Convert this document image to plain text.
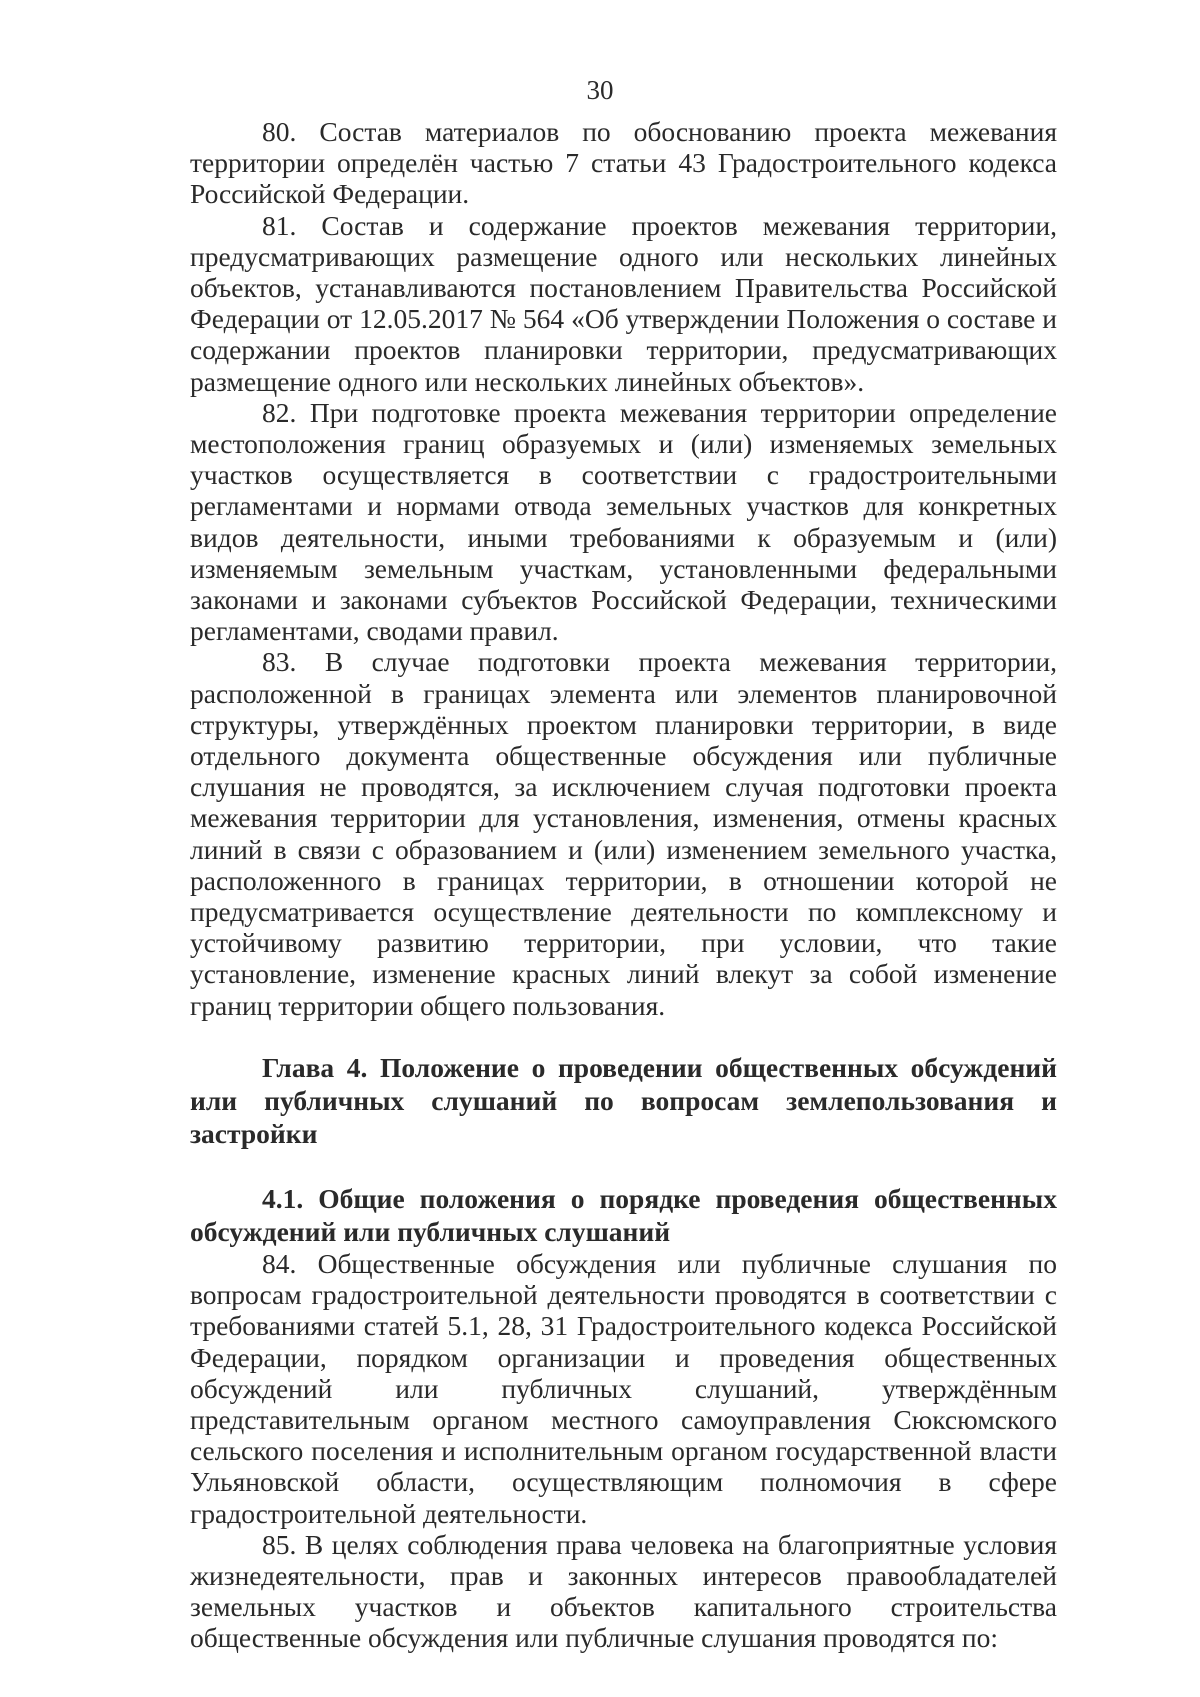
30

80. Состав материалов по обоснованию проекта межевания территории определён частью 7 статьи 43 Градостроительного кодекса Российской Федерации.

81. Состав и содержание проектов межевания территории, предусматривающих размещение одного или нескольких линейных объектов, устанавливаются постановлением Правительства Российской Федерации от 12.05.2017 № 564 «Об утверждении Положения о составе и содержании проектов планировки территории, предусматривающих размещение одного или нескольких линейных объектов».

82. При подготовке проекта межевания территории определение местоположения границ образуемых и (или) изменяемых земельных участков осуществляется в соответствии с градостроительными регламентами и нормами отвода земельных участков для конкретных видов деятельности, иными требованиями к образуемым и (или) изменяемым земельным участкам, установленными федеральными законами и законами субъектов Российской Федерации, техническими регламентами, сводами правил.

83. В случае подготовки проекта межевания территории, расположенной в границах элемента или элементов планировочной структуры, утверждённых проектом планировки территории, в виде отдельного документа общественные обсуждения или публичные слушания не проводятся, за исключением случая подготовки проекта межевания территории для установления, изменения, отмены красных линий в связи с образованием и (или) изменением земельного участка, расположенного в границах территории, в отношении которой не предусматривается осуществление деятельности по комплексному и устойчивому развитию территории, при условии, что такие установление, изменение красных линий влекут за собой изменение границ территории общего пользования.

Глава 4. Положение о проведении общественных обсуждений или публичных слушаний по вопросам землепользования и застройки
4.1. Общие положения о порядке проведения общественных обсуждений или публичных слушаний

84. Общественные обсуждения или публичные слушания по вопросам градостроительной деятельности проводятся в соответствии с требованиями статей 5.1, 28, 31 Градостроительного кодекса Российской Федерации, порядком организации и проведения общественных обсуждений или публичных слушаний, утверждённым представительным органом местного самоуправления Сюксюмского сельского поселения и исполнительным органом государственной власти Ульяновской области, осуществляющим полномочия в сфере градостроительной деятельности.

85. В целях соблюдения права человека на благоприятные условия жизнедеятельности, прав и законных интересов правообладателей земельных участков и объектов капитального строительства общественные обсуждения или публичные слушания проводятся по:
